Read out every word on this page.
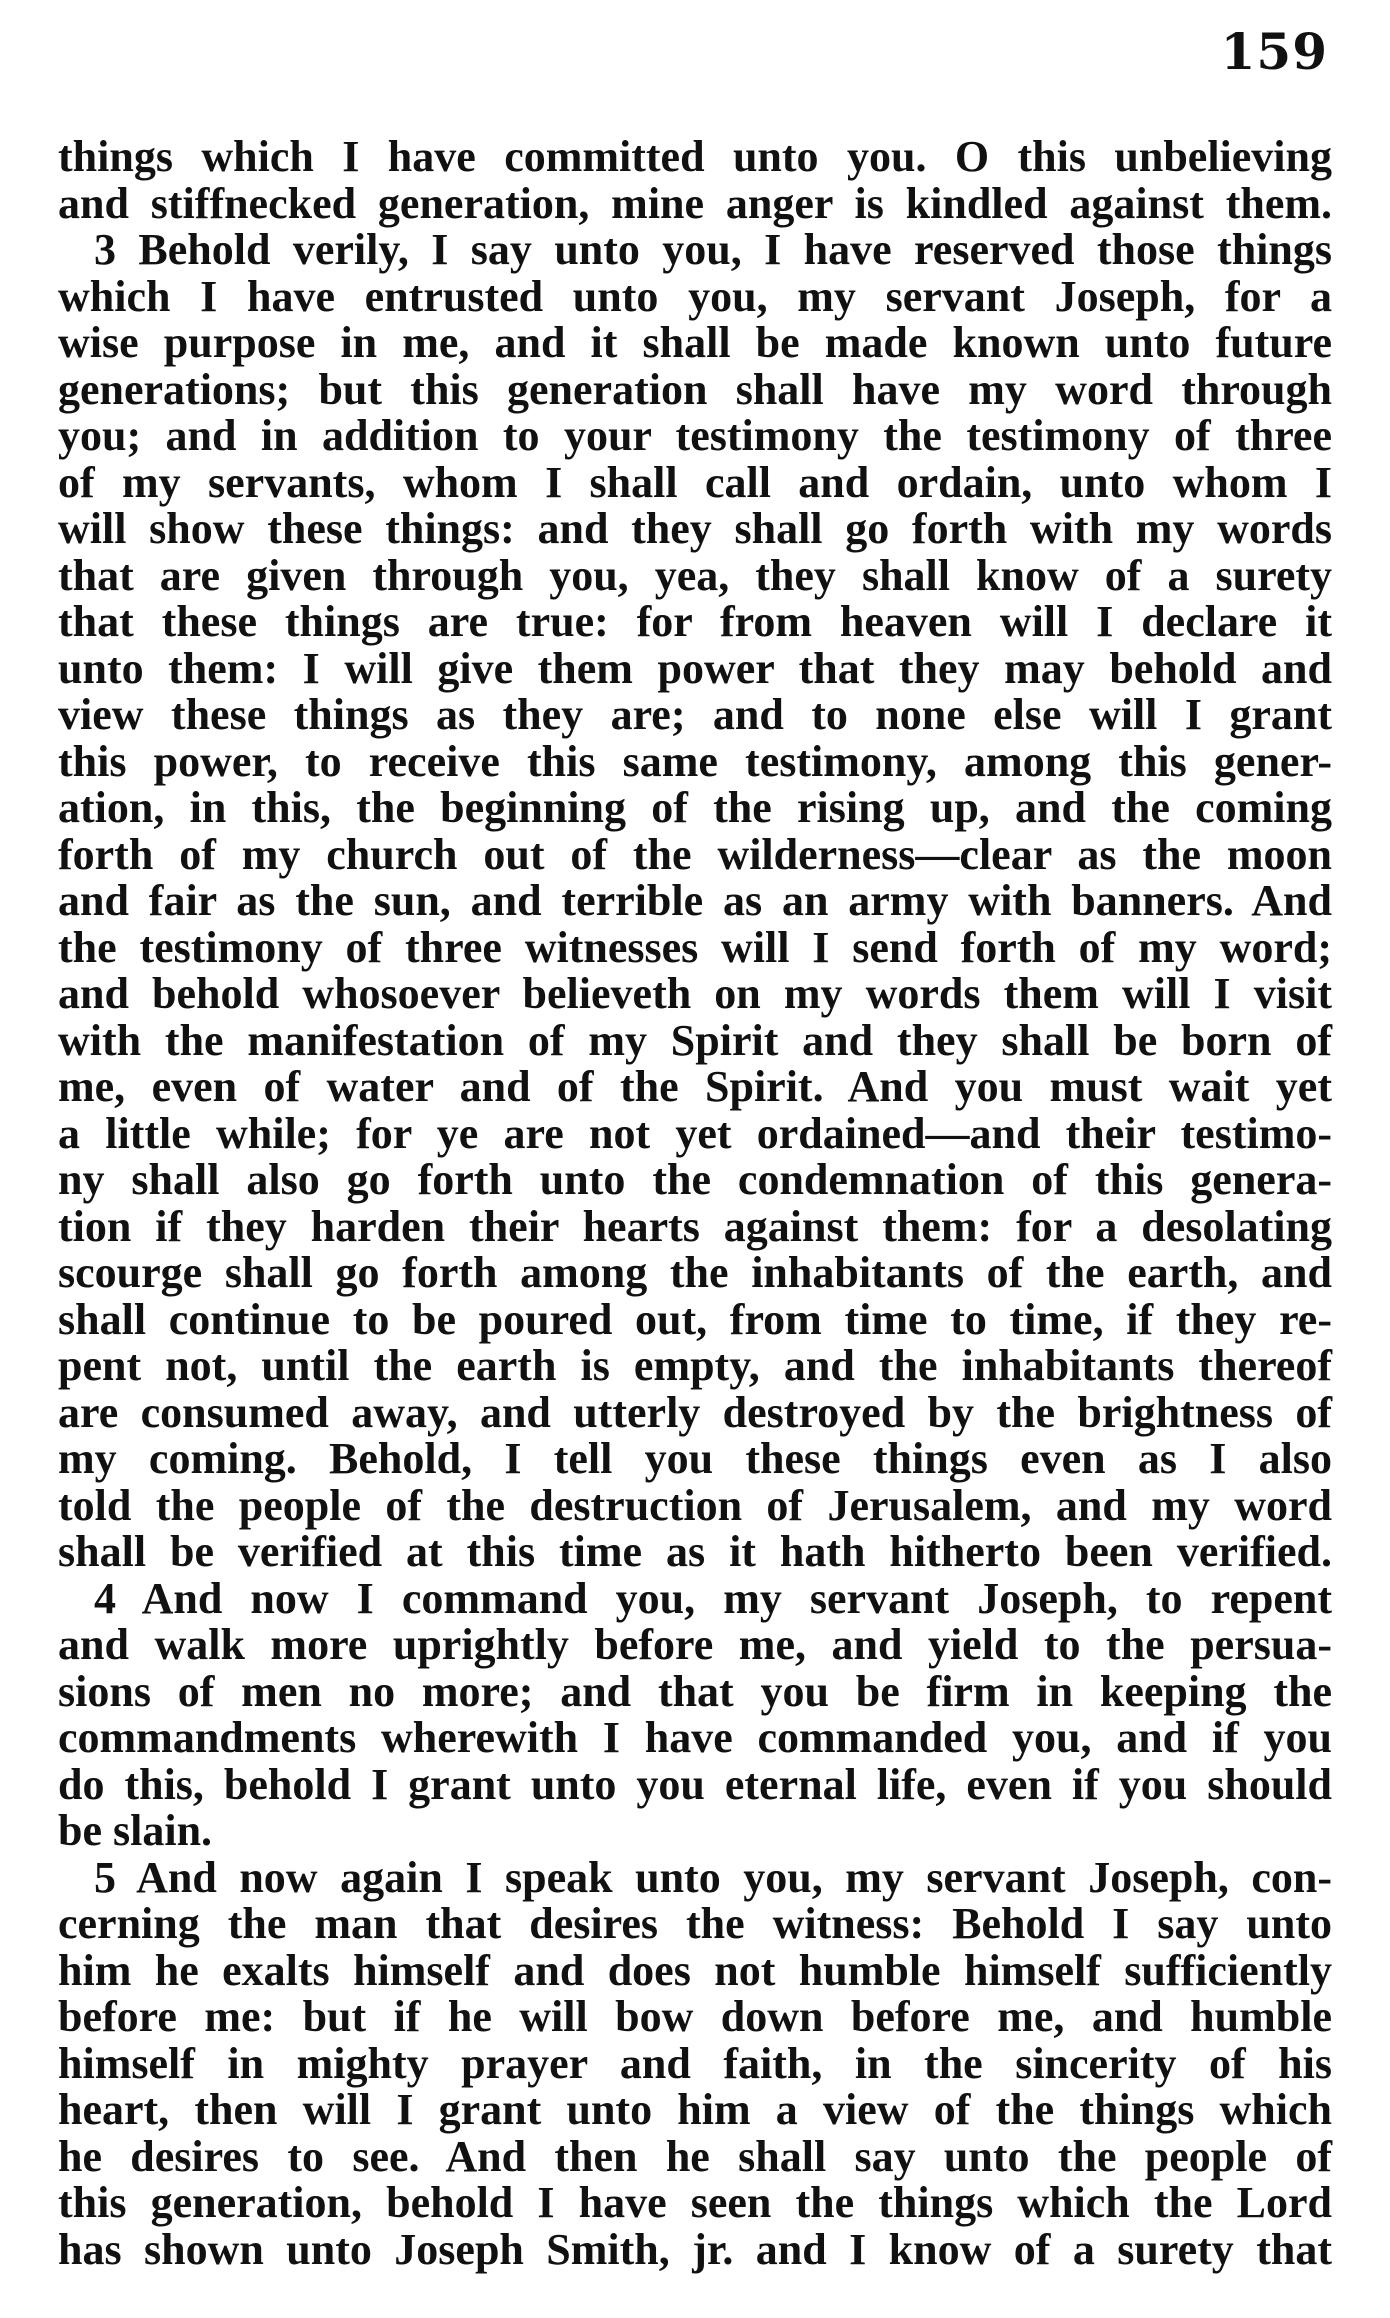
159
things which I have committed unto you. O this unbelieving
and stiffnecked generation, mine anger is kindled against them.
3 Behold verily, I say unto you, I have reserved those things
which I have entrusted unto you, my servant Joseph, for a
wise purpose in me, and it shall be made known unto future
generations; but this generation shall have my word through
you; and in addition to your testimony the testimony of three
of my servants, whom I shall call and ordain, unto whom I
will show these things: and they shall go forth with my words
that are given through you, yea, they shall know of a surety
that these things are true: for from heaven will I declare it
unto them: I will give them power that they may behold and
view these things as they are; and to none else will I grant
this power, to receive this same testimony, among this gener-
ation, in this, the beginning of the rising up, and the coming
forth of my church out of the wilderness—clear as the moon
and fair as the sun, and terrible as an army with banners. And
the testimony of three witnesses will I send forth of my word;
and behold whosoever believeth on my words them will I visit
with the manifestation of my Spirit and they shall be born of
me, even of water and of the Spirit. And you must wait yet
a little while; for ye are not yet ordained—and their testimo-
ny shall also go forth unto the condemnation of this genera-
tion if they harden their hearts against them: for a desolating
scourge shall go forth among the inhabitants of the earth, and
shall continue to be poured out, from time to time, if they re-
pent not, until the earth is empty, and the inhabitants thereof
are consumed away, and utterly destroyed by the brightness of
my coming. Behold, I tell you these things even as I also
told the people of the destruction of Jerusalem, and my word
shall be verified at this time as it hath hitherto been verified.
4 And now I command you, my servant Joseph, to repent
and walk more uprightly before me, and yield to the persua-
sions of men no more; and that you be firm in keeping the
commandments wherewith I have commanded you, and if you
do this, behold I grant unto you eternal life, even if you should
be slain.
5 And now again I speak unto you, my servant Joseph, con-
cerning the man that desires the witness: Behold I say unto
him he exalts himself and does not humble himself sufficiently
before me: but if he will bow down before me, and humble
himself in mighty prayer and faith, in the sincerity of his
heart, then will I grant unto him a view of the things which
he desires to see. And then he shall say unto the people of
this generation, behold I have seen the things which the Lord
has shown unto Joseph Smith, jr. and I know of a surety that
